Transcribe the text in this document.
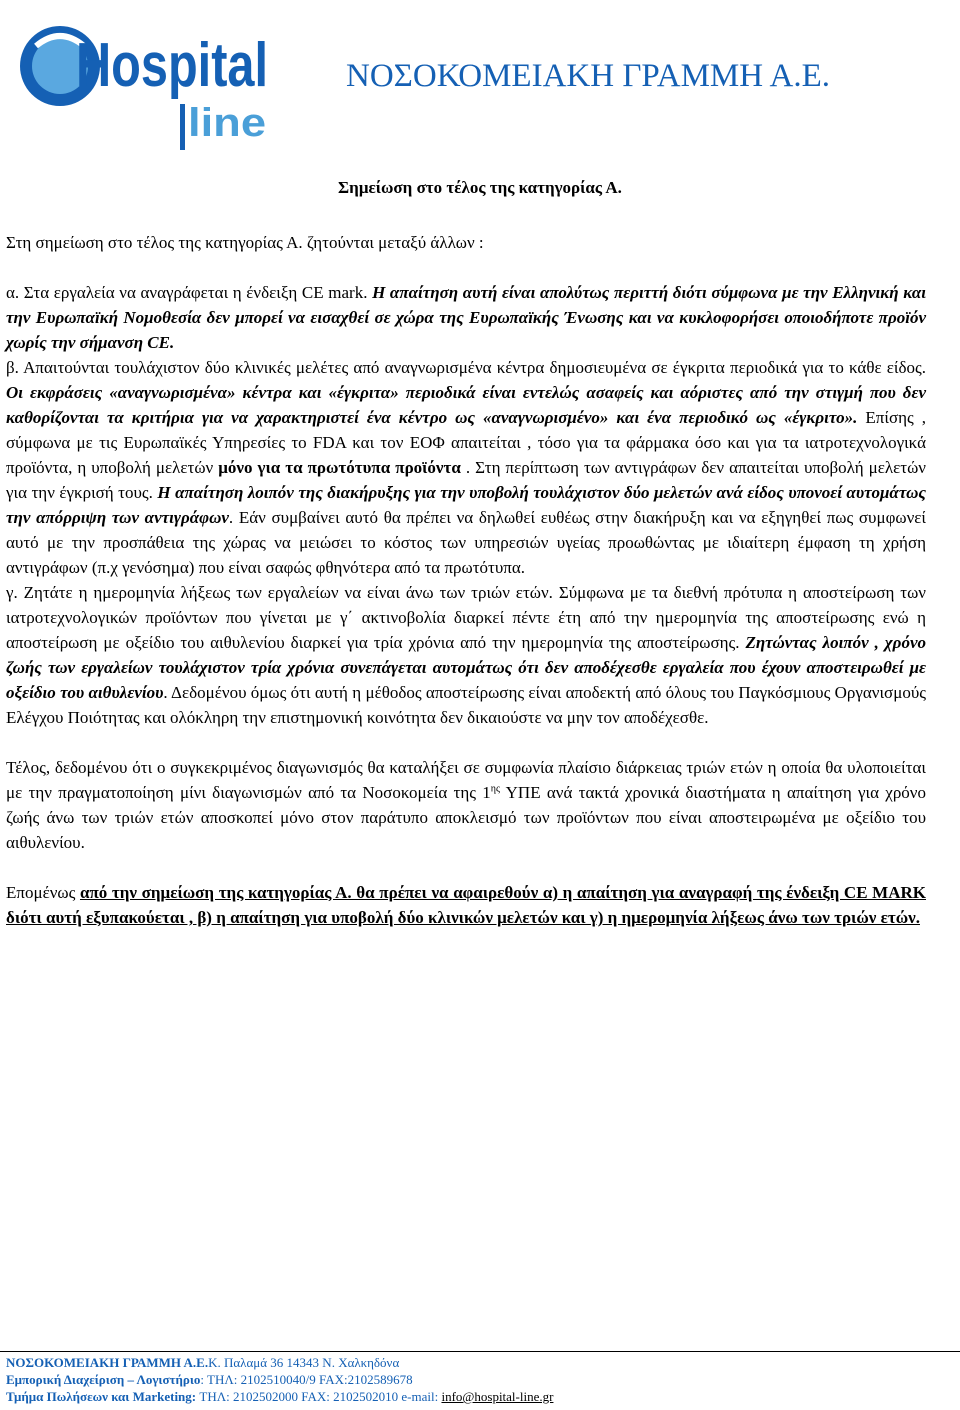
Hospital
line
ΝΟΣΟΚΟΜΕΙΑΚΗ ΓΡΑΜΜΗ Α.Ε.
Σημείωση στο τέλος της κατηγορίας Α.

Στη σημείωση στο τέλος της κατηγορίας Α. ζητούνται μεταξύ άλλων :

α. Στα εργαλεία να αναγράφεται η ένδειξη CE mark. Η απαίτηση αυτή είναι απολύτως περιττή διότι σύμφωνα με την Ελληνική και την Ευρωπαϊκή Νομοθεσία δεν μπορεί να εισαχθεί σε χώρα της Ευρωπαϊκής Ένωσης και να κυκλοφορήσει οποιοδήποτε προϊόν χωρίς την σήμανση CE.

β. Απαιτούνται τουλάχιστον δύο κλινικές μελέτες από αναγνωρισμένα κέντρα δημοσιευμένα σε έγκριτα περιοδικά για το κάθε είδος. Οι εκφράσεις «αναγνωρισμένα» κέντρα και «έγκριτα» περιοδικά είναι εντελώς ασαφείς και αόριστες από την στιγμή που δεν καθορίζονται τα κριτήρια για να χαρακτηριστεί ένα κέντρο ως «αναγνωρισμένο» και ένα περιοδικό ως «έγκριτο». Επίσης , σύμφωνα με τις Ευρωπαϊκές Υπηρεσίες το FDA και τον ΕΟΦ απαιτείται , τόσο για τα φάρμακα όσο και για τα ιατροτεχνολογικά προϊόντα, η υποβολή μελετών μόνο για τα πρωτότυπα προϊόντα . Στη περίπτωση των αντιγράφων δεν απαιτείται υποβολή μελετών για την έγκρισή τους. Η απαίτηση λοιπόν της διακήρυξης για την υποβολή τουλάχιστον δύο μελετών ανά είδος υπονοεί αυτομάτως την απόρριψη των αντιγράφων. Εάν συμβαίνει αυτό θα πρέπει να δηλωθεί ευθέως στην διακήρυξη και να εξηγηθεί πως συμφωνεί αυτό με την προσπάθεια της χώρας να μειώσει το κόστος των υπηρεσιών υγείας προωθώντας με ιδιαίτερη έμφαση τη χρήση αντιγράφων (π.χ γενόσημα) που είναι σαφώς φθηνότερα από τα πρωτότυπα.

γ. Ζητάτε η ημερομηνία λήξεως των εργαλείων να είναι άνω των τριών ετών. Σύμφωνα με τα διεθνή πρότυπα η αποστείρωση των ιατροτεχνολογικών προϊόντων που γίνεται με γ΄ ακτινοβολία διαρκεί πέντε έτη από την ημερομηνία της αποστείρωσης ενώ η αποστείρωση με οξείδιο του αιθυλενίου διαρκεί για τρία χρόνια από την ημερομηνία της αποστείρωσης. Ζητώντας λοιπόν , χρόνο ζωής των εργαλείων τουλάχιστον τρία χρόνια συνεπάγεται αυτομάτως ότι δεν αποδέχεσθε εργαλεία που έχουν αποστειρωθεί με οξείδιο του αιθυλενίου. Δεδομένου όμως ότι αυτή η μέθοδος αποστείρωσης είναι αποδεκτή από όλους του Παγκόσμιους Οργανισμούς Ελέγχου Ποιότητας και ολόκληρη την επιστημονική κοινότητα δεν δικαιούστε να μην τον αποδέχεσθε.

Τέλος, δεδομένου ότι ο συγκεκριμένος διαγωνισμός θα καταλήξει σε συμφωνία πλαίσιο διάρκειας τριών ετών η οποία θα υλοποιείται με την πραγματοποίηση μίνι διαγωνισμών από τα Νοσοκομεία της $1^{\eta\varsigma}$ ΥΠΕ ανά τακτά χρονικά διαστήματα η απαίτηση για χρόνο ζωής άνω των τριών ετών αποσκοπεί μόνο στον παράτυπο αποκλεισμό των προϊόντων που είναι αποστειρωμένα με οξείδιο του αιθυλενίου.

Επομένως από την σημείωση της κατηγορίας Α. θα πρέπει να αφαιρεθούν α) η απαίτηση για αναγραφή της ένδειξη CE MARK διότι αυτή εξυπακούεται , β) η απαίτηση για υποβολή δύο κλινικών μελετών και γ) η ημερομηνία λήξεως άνω των τριών ετών.

ΝΟΣΟΚΟΜΕΙΑΚΗ ΓΡΑΜΜΗ Α.Ε.Κ. Παλαμά 36 14343 Ν. Χαλκηδόνα
Εμπορική Διαχείριση – Λογιστήριο: ΤΗΛ: 2102510040/9 FAX:2102589678
Τμήμα Πωλήσεων και Marketing: ΤΗΛ: 2102502000 FAX: 2102502010 e-mail: info@hospital-line.gr
